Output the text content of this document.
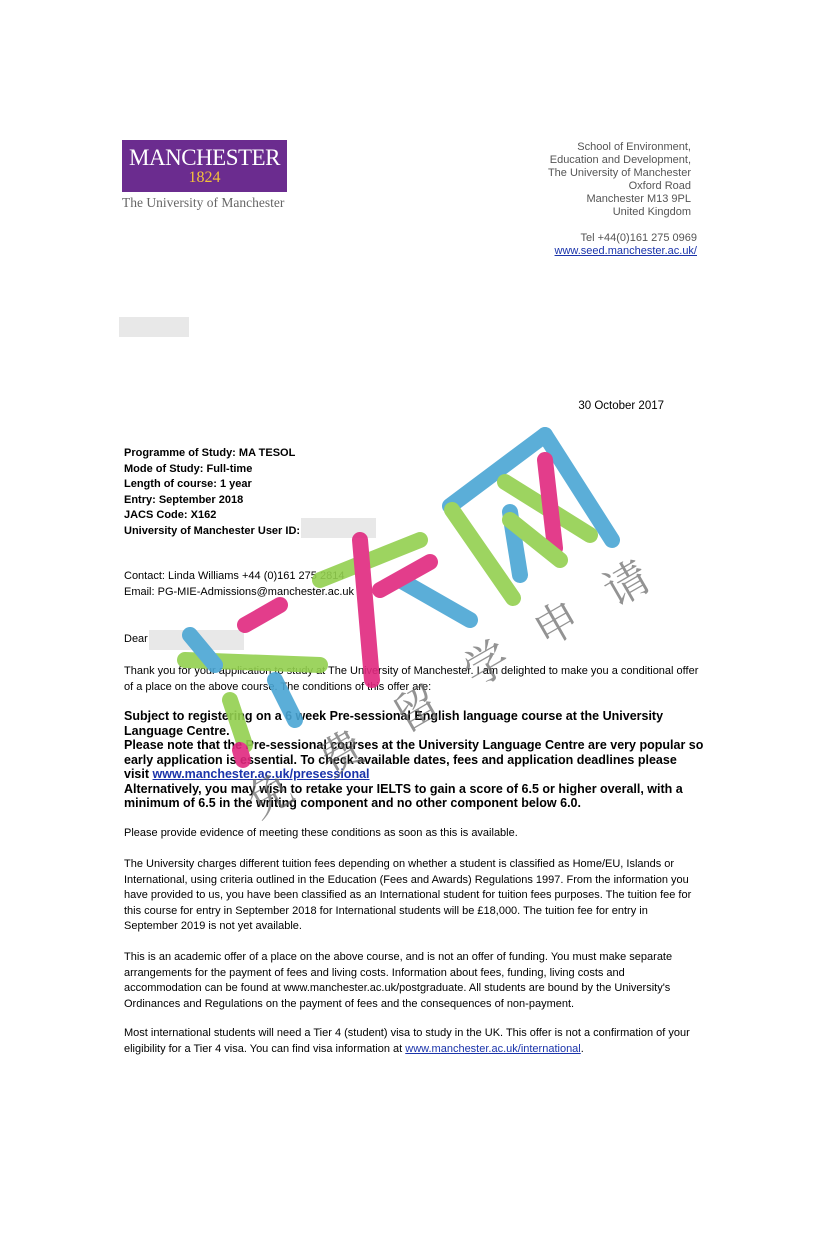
MANCHESTER
1824
The University of Manchester
School of Environment,
Education and Development,
The University of Manchester
Oxford Road
Manchester M13 9PL
United Kingdom
Tel +44(0)161 275 0969
www.seed.manchester.ac.uk/
30 October 2017
Programme of Study: MA TESOL
Mode of Study: Full-time
Length of course: 1 year
Entry: September 2018
JACS Code: X162
University of Manchester User ID:
Contact: Linda Williams +44 (0)161 275 2814
Email: PG-MIE-Admissions@manchester.ac.uk
Dear

Thank you for your application to study at The University of Manchester. I am delighted to make you a conditional offer of a place on the above course. The conditions of this offer are:

Subject to registering on a 6 week Pre-sessional English language course at the University Language Centre.
Please note that the Pre-sessional courses at the University Language Centre are very popular so early application is essential. To check available dates, fees and application deadlines please visit www.manchester.ac.uk/presessional
Alternatively, you may wish to retake your IELTS to gain a score of 6.5 or higher overall, with a minimum of 6.5 in the writing component and no other component below 6.0.

Please provide evidence of meeting these conditions as soon as this is available.

The University charges different tuition fees depending on whether a student is classified as Home/EU, Islands or International, using criteria outlined in the Education (Fees and Awards) Regulations 1997. From the information you have provided to us, you have been classified as an International student for tuition fees purposes. The tuition fee for this course for entry in September 2018 for International students will be £18,000. The tuition fee for entry in September 2019 is not yet available.

This is an academic offer of a place on the above course, and is not an offer of funding. You must make separate arrangements for the payment of fees and living costs. Information about fees, funding, living costs and accommodation can be found at www.manchester.ac.uk/postgraduate. All students are bound by the University's Ordinances and Regulations on the payment of fees and the consequences of non-payment.

Most international students will need a Tier 4 (student) visa to study in the UK. This offer is not a confirmation of your eligibility for a Tier 4 visa. You can find visa information at www.manchester.ac.uk/international.

免
费
留
学
申
请
